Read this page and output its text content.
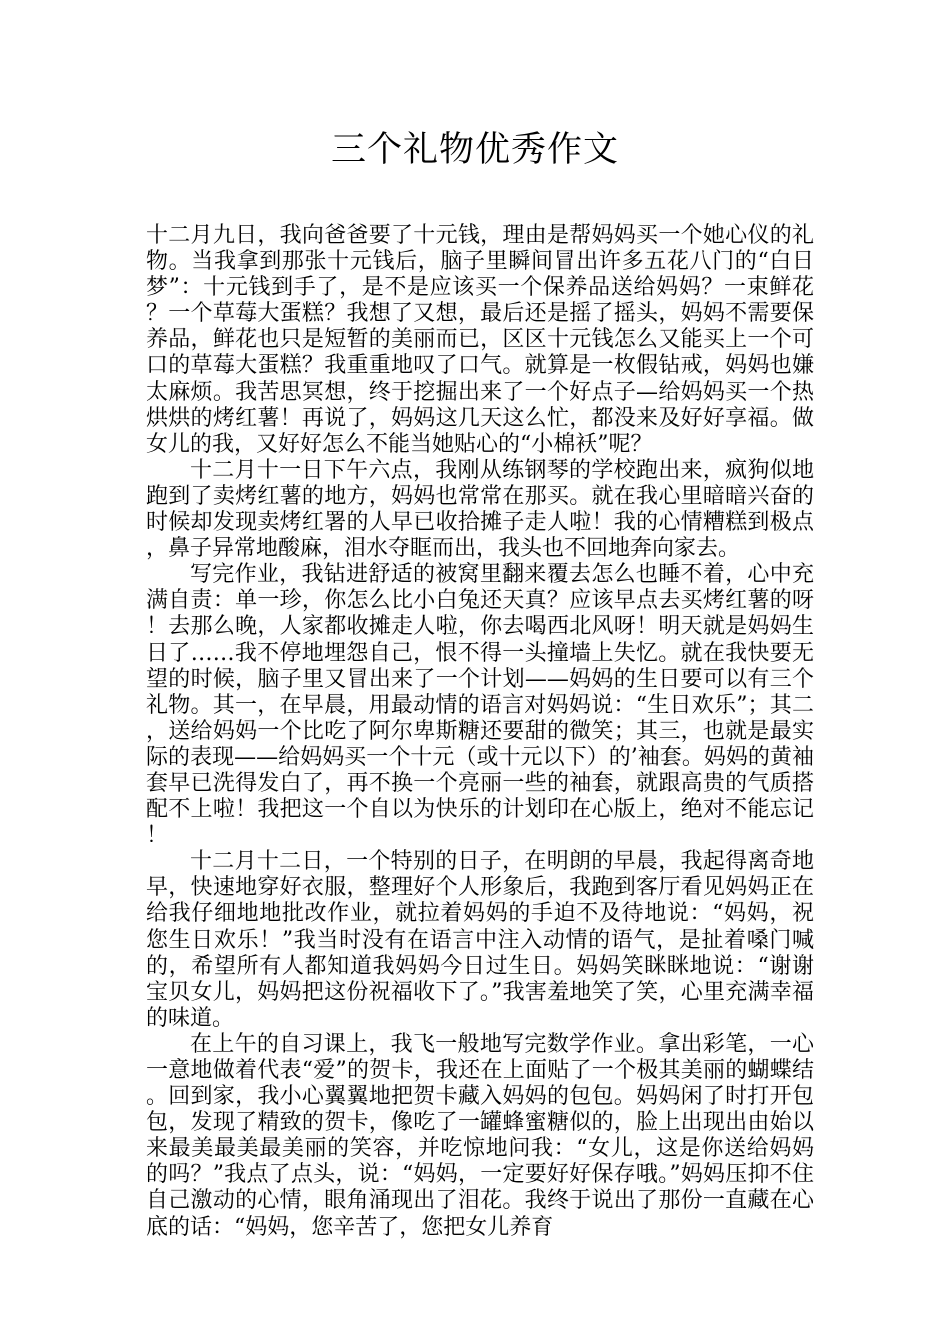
三个礼物优秀作文

十二月九日，我向爸爸要了十元钱，理由是帮妈妈买一个她心仪的礼物。当我拿到那张十元钱后，脑子里瞬间冒出许多五花八门的“白日梦”：十元钱到手了，是不是应该买一个保养品送给妈妈？一束鲜花？一个草莓大蛋糕？我想了又想，最后还是摇了摇头，妈妈不需要保养品，鲜花也只是短暂的美丽而已，区区十元钱怎么又能买上一个可口的草莓大蛋糕？我重重地叹了口气。就算是一枚假钻戒，妈妈也嫌太麻烦。我苦思冥想，终于挖掘出来了一个好点子—给妈妈买一个热烘烘的烤红薯！再说了，妈妈这几天这么忙，都没来及好好享福。做女儿的我，又好好怎么不能当她贴心的“小棉袄”呢？

十二月十一日下午六点，我刚从练钢琴的学校跑出来，疯狗似地跑到了卖烤红薯的地方，妈妈也常常在那买。就在我心里暗暗兴奋的时候却发现卖烤红署的人早已收拾摊子走人啦！我的心情糟糕到极点，鼻子异常地酸麻，泪水夺眶而出，我头也不回地奔向家去。

写完作业，我钻进舒适的被窝里翻来覆去怎么也睡不着，心中充满自责：单一珍，你怎么比小白兔还天真？应该早点去买烤红薯的呀！去那么晚，人家都收摊走人啦，你去喝西北风呀！明天就是妈妈生日了……我不停地埋怨自己，恨不得一头撞墙上失忆。就在我快要无望的时候，脑子里又冒出来了一个计划——妈妈的生日要可以有三个礼物。其一，在早晨，用最动情的语言对妈妈说：“生日欢乐”；其二，送给妈妈一个比吃了阿尔卑斯糖还要甜的微笑；其三，也就是最实际的表现——给妈妈买一个十元（或十元以下）的’袖套。妈妈的黄袖套早已洗得发白了，再不换一个亮丽一些的袖套，就跟高贵的气质搭配不上啦！我把这一个自以为快乐的计划印在心版上，绝对不能忘记！

十二月十二日，一个特别的日子，在明朗的早晨，我起得离奇地早，快速地穿好衣服，整理好个人形象后，我跑到客厅看见妈妈正在给我仔细地地批改作业，就拉着妈妈的手迫不及待地说：“妈妈，祝您生日欢乐！”我当时没有在语言中注入动情的语气，是扯着嗓门喊的，希望所有人都知道我妈妈今日过生日。妈妈笑眯眯地说：“谢谢宝贝女儿，妈妈把这份祝福收下了。”我害羞地笑了笑，心里充满幸福的味道。

在上午的自习课上，我飞一般地写完数学作业。拿出彩笔，一心一意地做着代表“爱”的贺卡，我还在上面贴了一个极其美丽的蝴蝶结。回到家，我小心翼翼地把贺卡藏入妈妈的包包。妈妈闲了时打开包包，发现了精致的贺卡，像吃了一罐蜂蜜糖似的，脸上出现出由始以来最美最美最美丽的笑容，并吃惊地问我：“女儿，这是你送给妈妈的吗？”我点了点头，说：“妈妈，一定要好好保存哦。”妈妈压抑不住自己激动的心情，眼角涌现出了泪花。我终于说出了那份一直藏在心底的话：“妈妈，您辛苦了，您把女儿养育
